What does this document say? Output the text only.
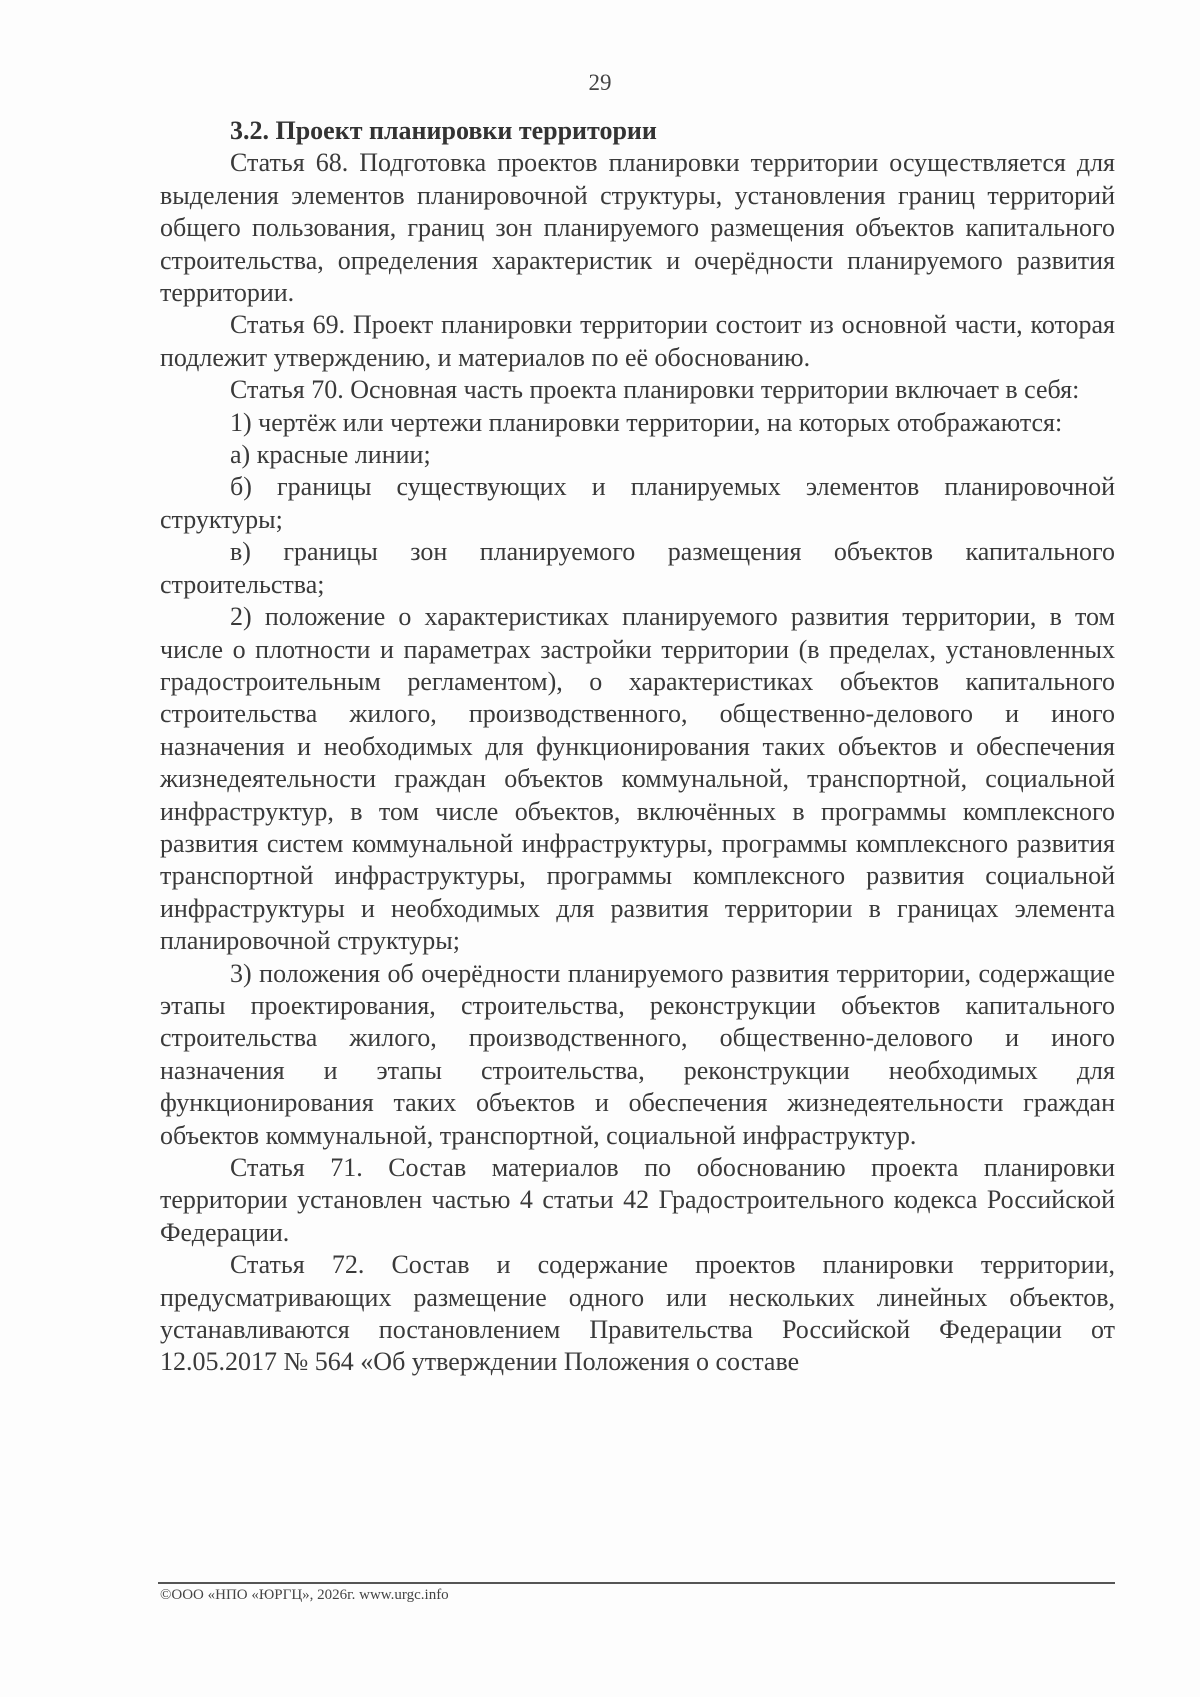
29

3.2. Проект планировки территории

Статья 68. Подготовка проектов планировки территории осуществляется для выделения элементов планировочной структуры, установления границ территорий общего пользования, границ зон планируемого размещения объектов капитального строительства, определения характеристик и очерёдности планируемого развития территории.

Статья 69. Проект планировки территории состоит из основной части, которая подлежит утверждению, и материалов по её обоснованию.

Статья 70. Основная часть проекта планировки территории включает в себя:

1) чертёж или чертежи планировки территории, на которых отображаются:

а) красные линии;

б) границы существующих и планируемых элементов планировочной структуры;

в) границы зон планируемого размещения объектов капитального строительства;

2) положение о характеристиках планируемого развития территории, в том числе о плотности и параметрах застройки территории (в пределах, установленных градостроительным регламентом), о характеристиках объектов капитального строительства жилого, производственного, общественно-делового и иного назначения и необходимых для функционирования таких объектов и обеспечения жизнедеятельности граждан объектов коммунальной, транспортной, социальной инфраструктур, в том числе объектов, включённых в программы комплексного развития систем коммунальной инфраструктуры, программы комплексного развития транспортной инфраструктуры, программы комплексного развития социальной инфраструктуры и необходимых для развития территории в границах элемента планировочной структуры;

3) положения об очерёдности планируемого развития территории, содержащие этапы проектирования, строительства, реконструкции объектов капитального строительства жилого, производственного, общественно-делового и иного назначения и этапы строительства, реконструкции необходимых для функционирования таких объектов и обеспечения жизнедеятельности граждан объектов коммунальной, транспортной, социальной инфраструктур.

Статья 71. Состав материалов по обоснованию проекта планировки территории установлен частью 4 статьи 42 Градостроительного кодекса Российской Федерации.

Статья 72. Состав и содержание проектов планировки территории, предусматривающих размещение одного или нескольких линейных объектов, устанавливаются постановлением Правительства Российской Федерации от 12.05.2017 № 564 «Об утверждении Положения о составе

©ООО «НПО «ЮРГЦ», 2026г. www.urgc.info
